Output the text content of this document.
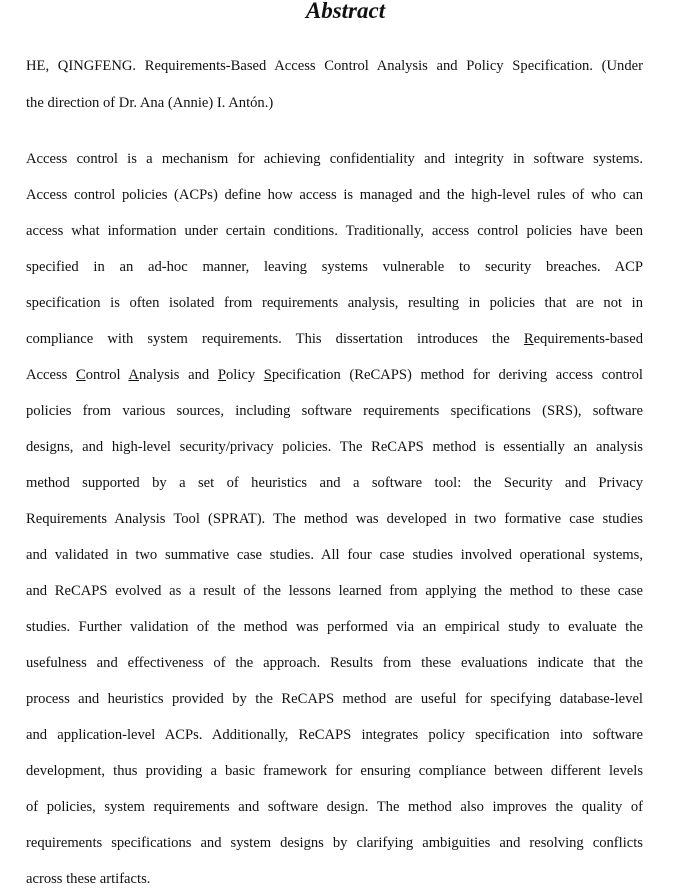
Abstract
HE, QINGFENG. Requirements-Based Access Control Analysis and Policy Specification. (Under
the direction of Dr. Ana (Annie) I. Antón.)
Access control is a mechanism for achieving confidentiality and integrity in software systems.
Access control policies (ACPs) define how access is managed and the high-level rules of who can
access what information under certain conditions. Traditionally, access control policies have been
specified in an ad-hoc manner, leaving systems vulnerable to security breaches. ACP
specification is often isolated from requirements analysis, resulting in policies that are not in
compliance with system requirements. This dissertation introduces the Requirements-based
Access Control Analysis and Policy Specification (ReCAPS) method for deriving access control
policies from various sources, including software requirements specifications (SRS), software
designs, and high-level security/privacy policies. The ReCAPS method is essentially an analysis
method supported by a set of heuristics and a software tool: the Security and Privacy
Requirements Analysis Tool (SPRAT). The method was developed in two formative case studies
and validated in two summative case studies. All four case studies involved operational systems,
and ReCAPS evolved as a result of the lessons learned from applying the method to these case
studies. Further validation of the method was performed via an empirical study to evaluate the
usefulness and effectiveness of the approach. Results from these evaluations indicate that the
process and heuristics provided by the ReCAPS method are useful for specifying database-level
and application-level ACPs. Additionally, ReCAPS integrates policy specification into software
development, thus providing a basic framework for ensuring compliance between different levels
of policies, system requirements and software design. The method also improves the quality of
requirements specifications and system designs by clarifying ambiguities and resolving conflicts
across these artifacts.
